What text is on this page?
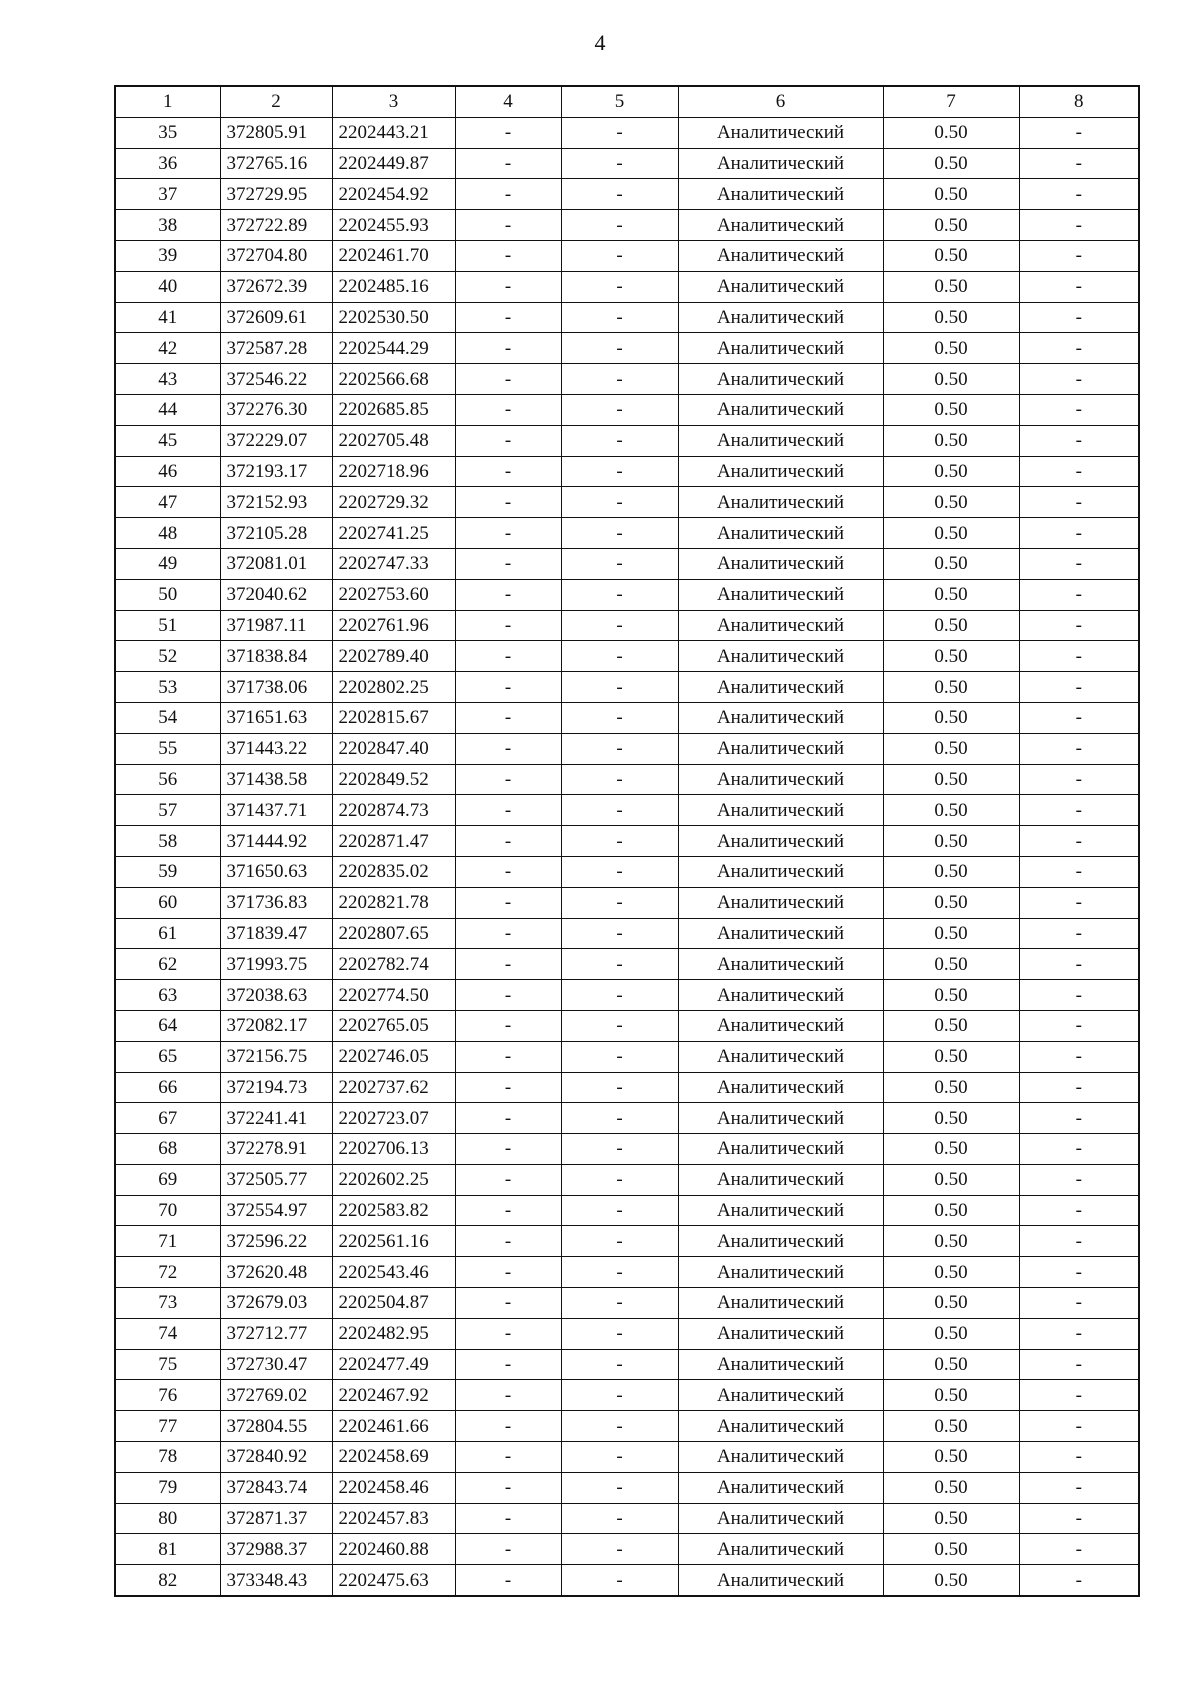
4
1	2	3	4	5	6	7	8
35	372805.91	2202443.21	-	-	Аналитический	0.50	-
36	372765.16	2202449.87	-	-	Аналитический	0.50	-
37	372729.95	2202454.92	-	-	Аналитический	0.50	-
38	372722.89	2202455.93	-	-	Аналитический	0.50	-
39	372704.80	2202461.70	-	-	Аналитический	0.50	-
40	372672.39	2202485.16	-	-	Аналитический	0.50	-
41	372609.61	2202530.50	-	-	Аналитический	0.50	-
42	372587.28	2202544.29	-	-	Аналитический	0.50	-
43	372546.22	2202566.68	-	-	Аналитический	0.50	-
44	372276.30	2202685.85	-	-	Аналитический	0.50	-
45	372229.07	2202705.48	-	-	Аналитический	0.50	-
46	372193.17	2202718.96	-	-	Аналитический	0.50	-
47	372152.93	2202729.32	-	-	Аналитический	0.50	-
48	372105.28	2202741.25	-	-	Аналитический	0.50	-
49	372081.01	2202747.33	-	-	Аналитический	0.50	-
50	372040.62	2202753.60	-	-	Аналитический	0.50	-
51	371987.11	2202761.96	-	-	Аналитический	0.50	-
52	371838.84	2202789.40	-	-	Аналитический	0.50	-
53	371738.06	2202802.25	-	-	Аналитический	0.50	-
54	371651.63	2202815.67	-	-	Аналитический	0.50	-
55	371443.22	2202847.40	-	-	Аналитический	0.50	-
56	371438.58	2202849.52	-	-	Аналитический	0.50	-
57	371437.71	2202874.73	-	-	Аналитический	0.50	-
58	371444.92	2202871.47	-	-	Аналитический	0.50	-
59	371650.63	2202835.02	-	-	Аналитический	0.50	-
60	371736.83	2202821.78	-	-	Аналитический	0.50	-
61	371839.47	2202807.65	-	-	Аналитический	0.50	-
62	371993.75	2202782.74	-	-	Аналитический	0.50	-
63	372038.63	2202774.50	-	-	Аналитический	0.50	-
64	372082.17	2202765.05	-	-	Аналитический	0.50	-
65	372156.75	2202746.05	-	-	Аналитический	0.50	-
66	372194.73	2202737.62	-	-	Аналитический	0.50	-
67	372241.41	2202723.07	-	-	Аналитический	0.50	-
68	372278.91	2202706.13	-	-	Аналитический	0.50	-
69	372505.77	2202602.25	-	-	Аналитический	0.50	-
70	372554.97	2202583.82	-	-	Аналитический	0.50	-
71	372596.22	2202561.16	-	-	Аналитический	0.50	-
72	372620.48	2202543.46	-	-	Аналитический	0.50	-
73	372679.03	2202504.87	-	-	Аналитический	0.50	-
74	372712.77	2202482.95	-	-	Аналитический	0.50	-
75	372730.47	2202477.49	-	-	Аналитический	0.50	-
76	372769.02	2202467.92	-	-	Аналитический	0.50	-
77	372804.55	2202461.66	-	-	Аналитический	0.50	-
78	372840.92	2202458.69	-	-	Аналитический	0.50	-
79	372843.74	2202458.46	-	-	Аналитический	0.50	-
80	372871.37	2202457.83	-	-	Аналитический	0.50	-
81	372988.37	2202460.88	-	-	Аналитический	0.50	-
82	373348.43	2202475.63	-	-	Аналитический	0.50	-
